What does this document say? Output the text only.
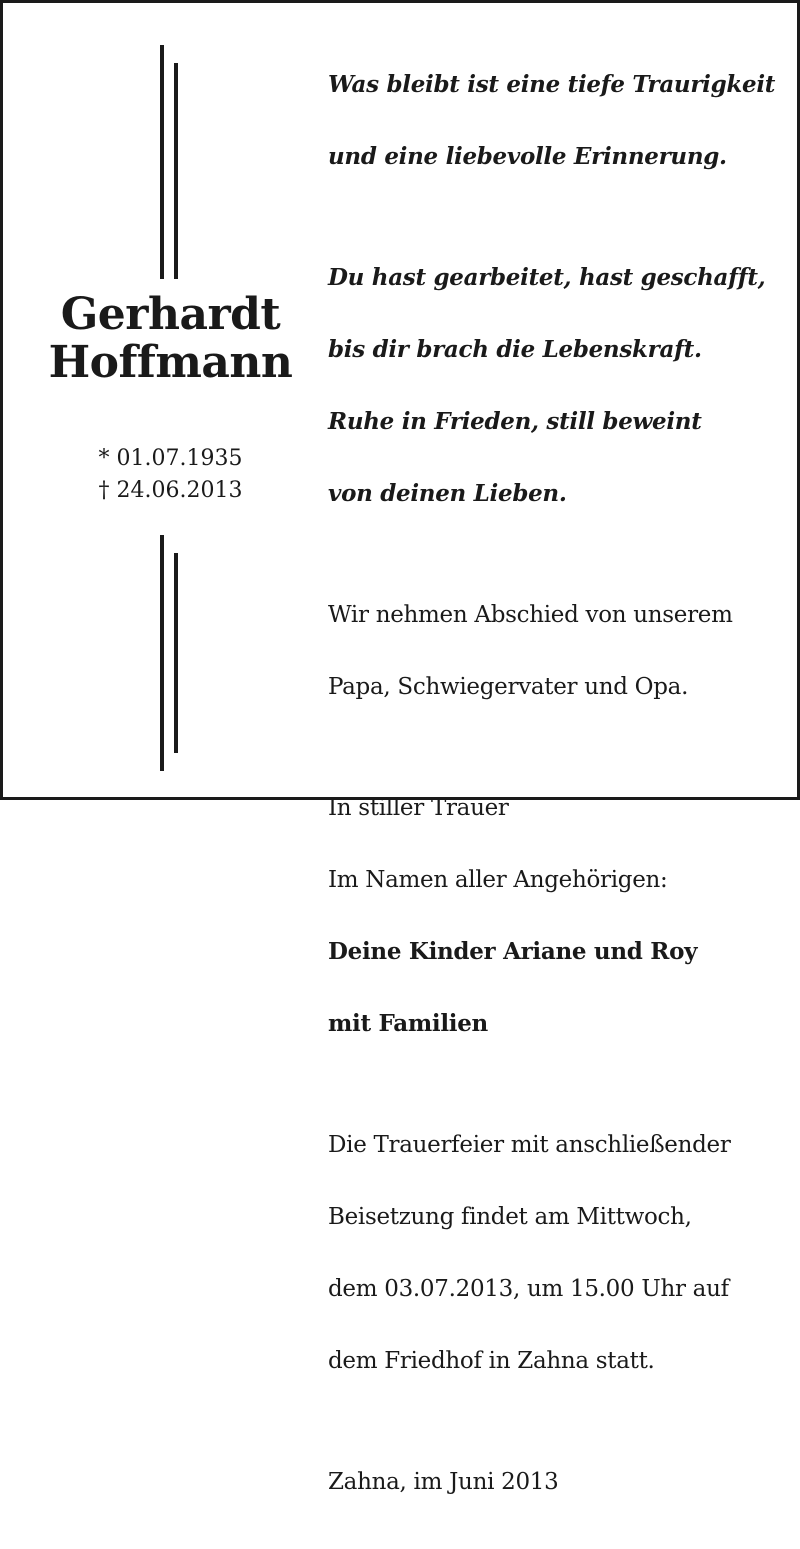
Gerhardt
Hoffmann
* 01.07.1935
† 24.06.2013

Was bleibt ist eine tiefe Traurigkeit

und eine liebevolle Erinnerung.

Du hast gearbeitet, hast geschafft,

bis dir brach die Lebenskraft.

Ruhe in Frieden, still beweint

von deinen Lieben.

Wir nehmen Abschied von unserem

Papa, Schwiegervater und Opa.

In stiller Trauer

Im Namen aller Angehörigen:

Deine Kinder Ariane und Roy

mit Familien

Die Trauerfeier mit anschließender

Beisetzung findet am Mittwoch,

dem 03.07.2013, um 15.00 Uhr auf

dem Friedhof in Zahna statt.

Zahna, im Juni 2013
